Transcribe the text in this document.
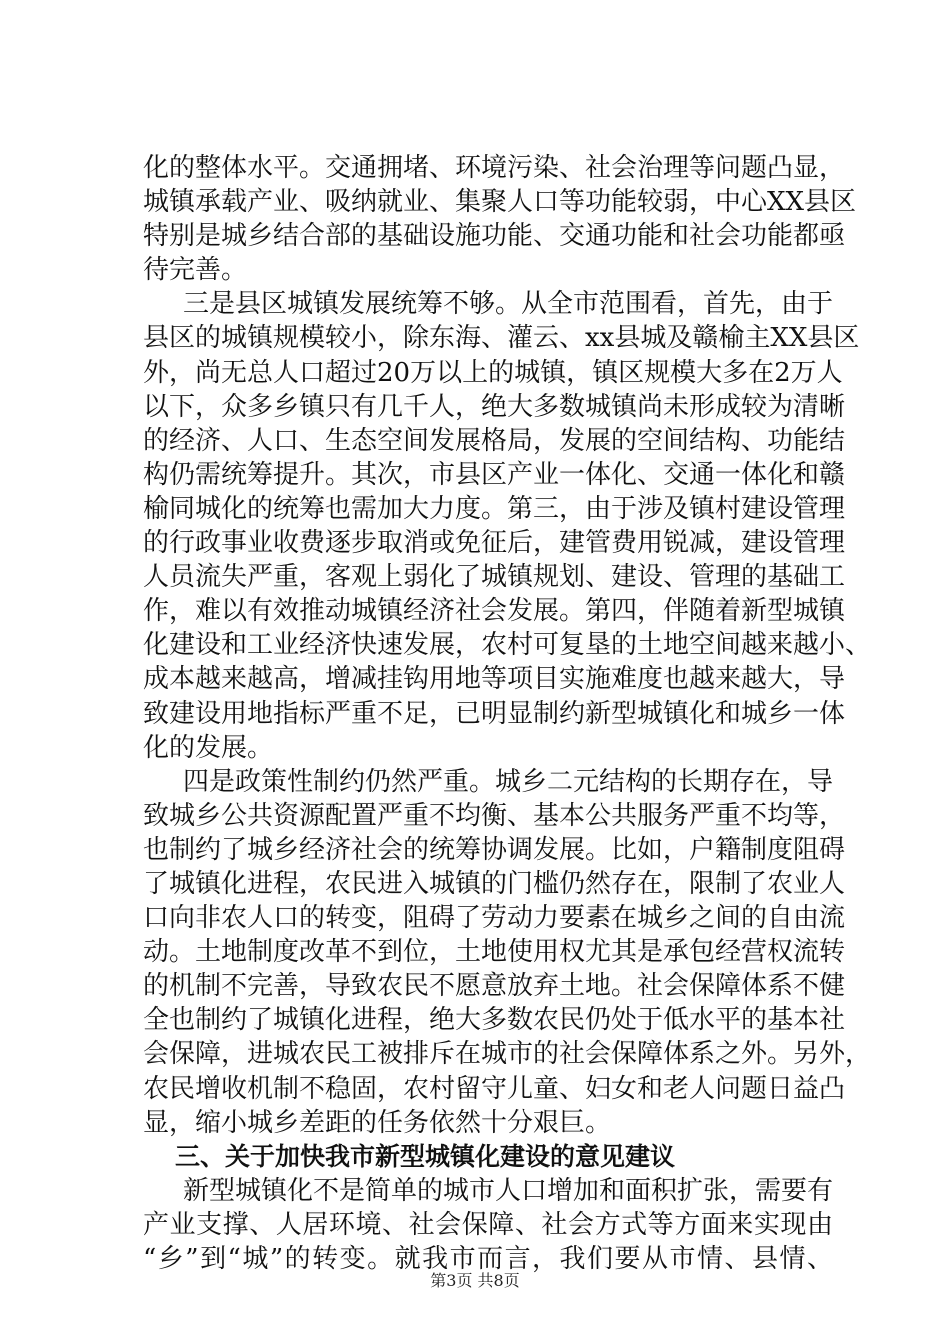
化的整体水平。交通拥堵、环境污染、社会治理等问题凸显，
城镇承载产业、吸纳就业、集聚人口等功能较弱，中心XX县区
特别是城乡结合部的基础设施功能、交通功能和社会功能都亟
待完善。
三是县区城镇发展统筹不够。从全市范围看，首先，由于
县区的城镇规模较小，除东海、灌云、xx县城及赣榆主XX县区
外，尚无总人口超过20万以上的城镇，镇区规模大多在2万人
以下，众多乡镇只有几千人，绝大多数城镇尚未形成较为清晰
的经济、人口、生态空间发展格局，发展的空间结构、功能结
构仍需统筹提升。其次，市县区产业一体化、交通一体化和赣
榆同城化的统筹也需加大力度。第三，由于涉及镇村建设管理
的行政事业收费逐步取消或免征后，建管费用锐减，建设管理
人员流失严重，客观上弱化了城镇规划、建设、管理的基础工
作，难以有效推动城镇经济社会发展。第四，伴随着新型城镇
化建设和工业经济快速发展，农村可复垦的土地空间越来越小、
成本越来越高，增减挂钩用地等项目实施难度也越来越大，导
致建设用地指标严重不足，已明显制约新型城镇化和城乡一体
化的发展。
四是政策性制约仍然严重。城乡二元结构的长期存在，导
致城乡公共资源配置严重不均衡、基本公共服务严重不均等，
也制约了城乡经济社会的统筹协调发展。比如，户籍制度阻碍
了城镇化进程，农民进入城镇的门槛仍然存在，限制了农业人
口向非农人口的转变，阻碍了劳动力要素在城乡之间的自由流
动。土地制度改革不到位，土地使用权尤其是承包经营权流转
的机制不完善，导致农民不愿意放弃土地。社会保障体系不健
全也制约了城镇化进程，绝大多数农民仍处于低水平的基本社
会保障，进城农民工被排斥在城市的社会保障体系之外。另外，
农民增收机制不稳固，农村留守儿童、妇女和老人问题日益凸
显，缩小城乡差距的任务依然十分艰巨。
三、关于加快我市新型城镇化建设的意见建议
新型城镇化不是简单的城市人口增加和面积扩张，需要有
产业支撑、人居环境、社会保障、社会方式等方面来实现由
“乡”到“城”的转变。就我市而言，我们要从市情、县情、
第3页 共8页
